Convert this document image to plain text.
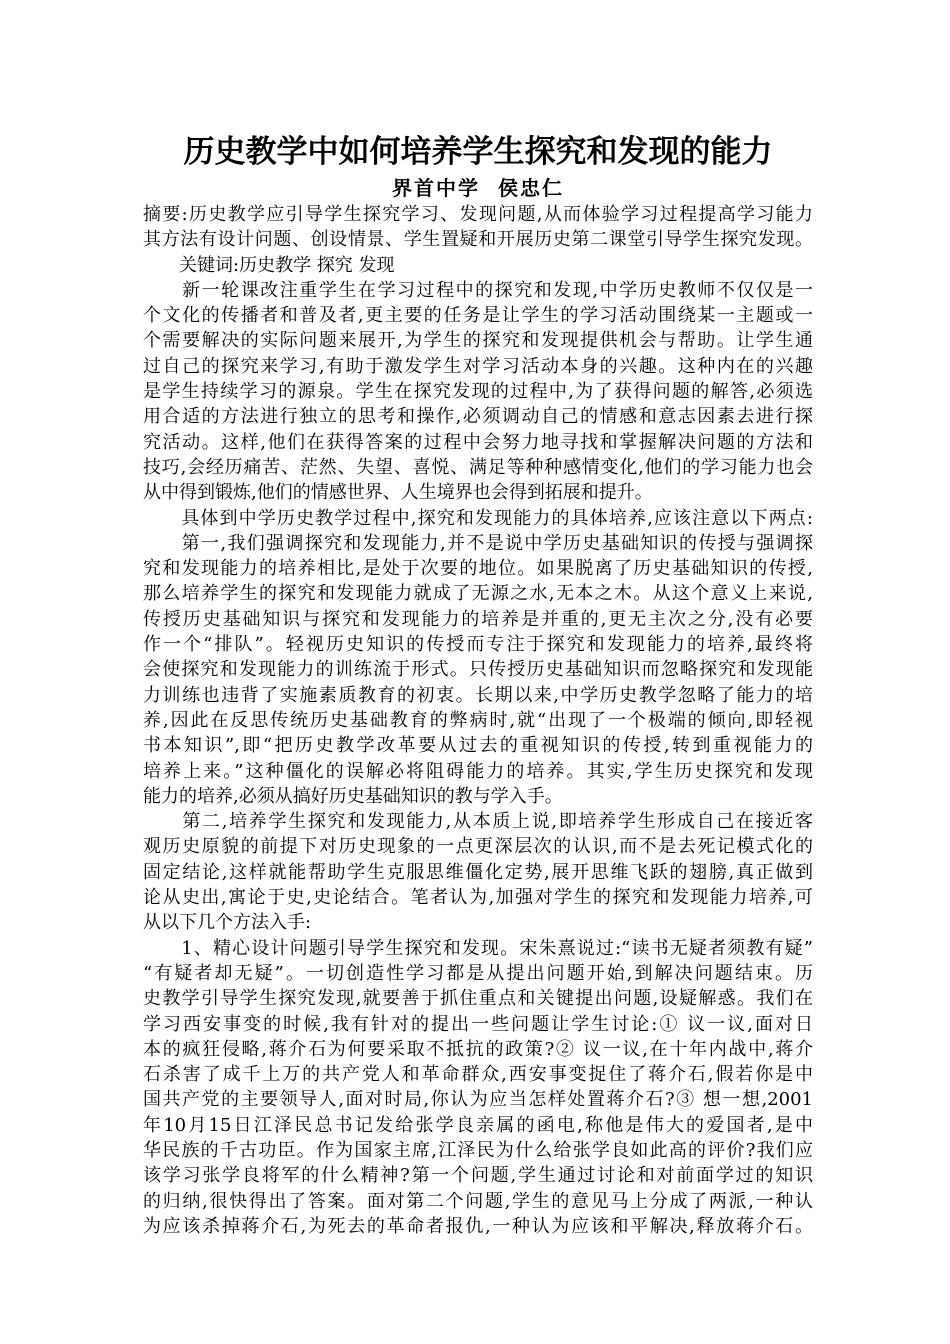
历史教学中如何培养学生探究和发现的能力
界首中学 侯忠仁
摘要:历史教学应引导学生探究学习、发现问题,从而体验学习过程提高学习能力
其方法有设计问题、创设情景、学生置疑和开展历史第二课堂引导学生探究发现。
　　关键词:历史教学 探究 发现
　　新一轮课改注重学生在学习过程中的探究和发现,中学历史教师不仅仅是一
个文化的传播者和普及者,更主要的任务是让学生的学习活动围绕某一主题或一
个需要解决的实际问题来展开,为学生的探究和发现提供机会与帮助。让学生通
过自己的探究来学习,有助于激发学生对学习活动本身的兴趣。这种内在的兴趣
是学生持续学习的源泉。学生在探究发现的过程中,为了获得问题的解答,必须选
用合适的方法进行独立的思考和操作,必须调动自己的情感和意志因素去进行探
究活动。这样,他们在获得答案的过程中会努力地寻找和掌握解决问题的方法和
技巧,会经历痛苦、茫然、失望、喜悦、满足等种种感情变化,他们的学习能力也会
从中得到锻炼,他们的情感世界、人生境界也会得到拓展和提升。
　　具体到中学历史教学过程中,探究和发现能力的具体培养,应该注意以下两点:
　　第一,我们强调探究和发现能力,并不是说中学历史基础知识的传授与强调探
究和发现能力的培养相比,是处于次要的地位。如果脱离了历史基础知识的传授,
那么培养学生的探究和发现能力就成了无源之水,无本之木。从这个意义上来说,
传授历史基础知识与探究和发现能力的培养是并重的,更无主次之分,没有必要
作一个“排队”。轻视历史知识的传授而专注于探究和发现能力的培养,最终将
会使探究和发现能力的训练流于形式。只传授历史基础知识而忽略探究和发现能
力训练也违背了实施素质教育的初衷。长期以来,中学历史教学忽略了能力的培
养,因此在反思传统历史基础教育的弊病时,就“出现了一个极端的倾向,即轻视
书本知识”,即“把历史教学改革要从过去的重视知识的传授,转到重视能力的
培养上来。”这种僵化的误解必将阻碍能力的培养。其实,学生历史探究和发现
能力的培养,必须从搞好历史基础知识的教与学入手。
　　第二,培养学生探究和发现能力,从本质上说,即培养学生形成自己在接近客
观历史原貌的前提下对历史现象的一点更深层次的认识,而不是去死记模式化的
固定结论,这样就能帮助学生克服思维僵化定势,展开思维飞跃的翅膀,真正做到
论从史出,寓论于史,史论结合。笔者认为,加强对学生的探究和发现能力培养,可
从以下几个方法入手:
　　1、精心设计问题引导学生探究和发现。宋朱熹说过:“读书无疑者须教有疑”
“有疑者却无疑”。一切创造性学习都是从提出问题开始,到解决问题结束。历
史教学引导学生探究发现,就要善于抓住重点和关键提出问题,设疑解惑。我们在
学习西安事变的时候,我有针对的提出一些问题让学生讨论:① 议一议,面对日
本的疯狂侵略,蒋介石为何要采取不抵抗的政策?② 议一议,在十年内战中,蒋介
石杀害了成千上万的共产党人和革命群众,西安事变捉住了蒋介石,假若你是中
国共产党的主要领导人,面对时局,你认为应当怎样处置蒋介石?③ 想一想,2001
年10月15日江泽民总书记发给张学良亲属的函电,称他是伟大的爱国者,是中
华民族的千古功臣。作为国家主席,江泽民为什么给张学良如此高的评价?我们应
该学习张学良将军的什么精神?第一个问题,学生通过讨论和对前面学过的知识
的归纳,很快得出了答案。面对第二个问题,学生的意见马上分成了两派,一种认
为应该杀掉蒋介石,为死去的革命者报仇,一种认为应该和平解决,释放蒋介石。
